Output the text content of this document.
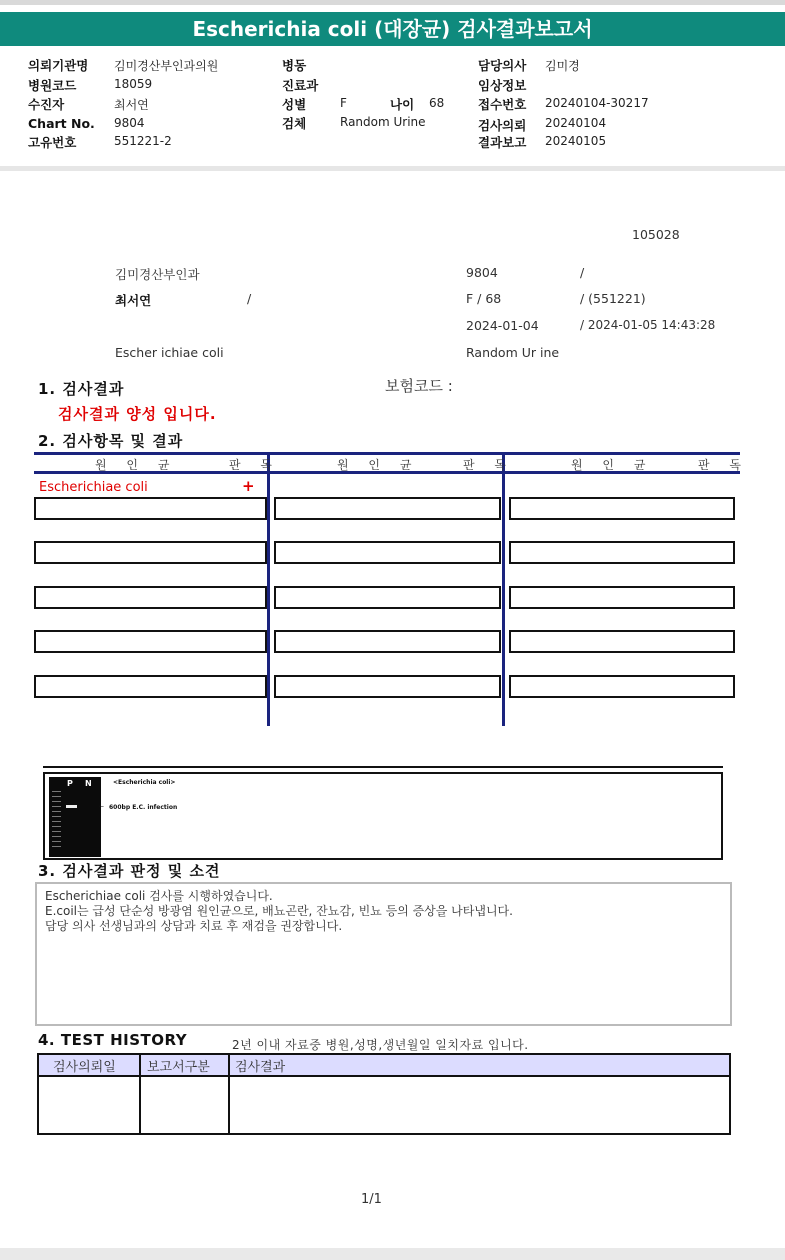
Escherichia coli (대장균) 검사결과보고서
의뢰기관명 김미경산부인과의원
병원코드	18059
수진자	최서연
Chart No. 9804
고유번호	551221-2
병동
진료과
성별	F	나이 68
검체	Random Urine
담당의사 김미경
임상정보
접수번호 20240104-30217
검사의뢰 20240104
결과보고 20240105
105028
김미경산부인과	9804	/
최서연	/	F / 68	/ (551221)
2024-01-04	/ 2024-01-05 14:43:28
Escher ichiae coli	Random Ur ine
1. 검사결과	보험코드 :
검사결과 양성 입니다.
2. 검사항목 및 결과
원 인 균	판 독	원 인 균	판 독	원 인 균	판 독
Escherichiae coli	+
P N	<Escherichia coli>
← 600bp E.C. infection
3. 검사결과 판정 및 소견
Escherichiae coli 검사를 시행하였습니다.
E.coil는 급성 단순성 방광염 원인균으로, 배뇨곤란, 잔뇨감, 빈뇨 등의 증상을 나타냅니다.
담당 의사 선생님과의 상담과 치료 후 재검을 권장합니다.
4. TEST HISTORY	2년 이내 자료중 병원,성명,생년월일 일치자료 입니다.
검사의뢰일 보고서구분 검사결과
1/1
